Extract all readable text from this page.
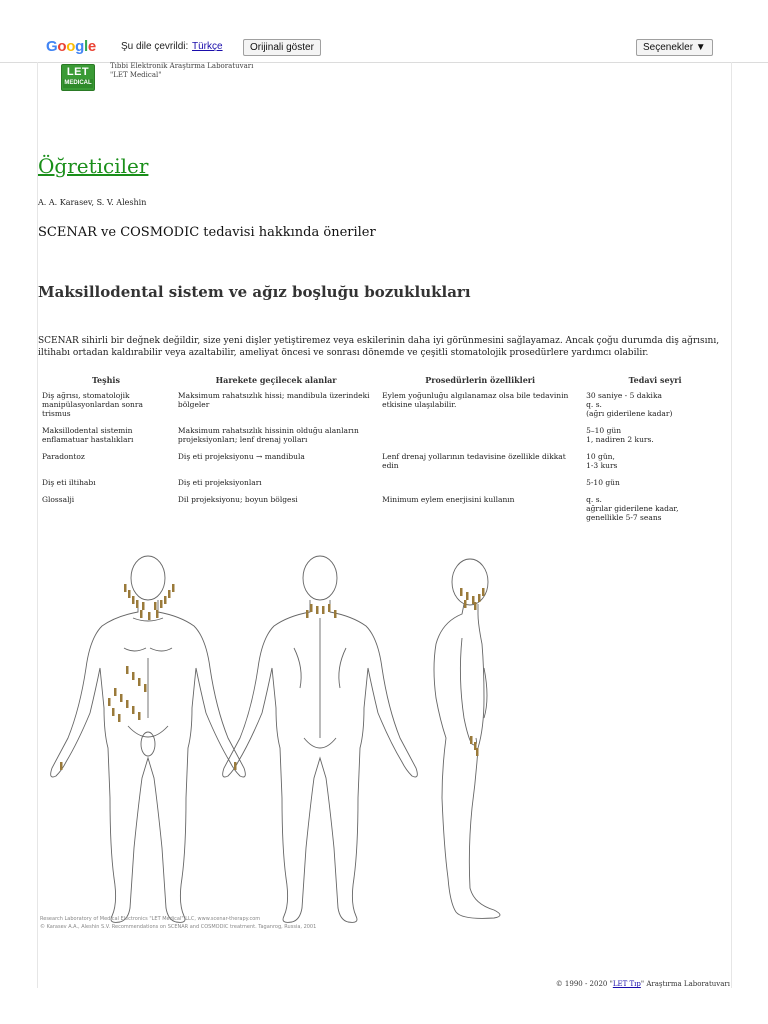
Google	Şu dile çevrildi: Türkçe	Orijinali göster	Seçenekler ▼
LET
MEDICAL
Tıbbi Elektronik Araştırma Laboratuvarı
"LET Medical"
Öğreticiler
A. A. Karasev, S. V. Aleshin
SCENAR ve COSMODIC tedavisi hakkında öneriler
Maksillodental sistem ve ağız boşluğu bozuklukları
SCENAR sihirli bir değnek değildir, size yeni dişler yetiştiremez veya eskilerinin daha iyi görünmesini sağlayamaz. Ancak çoğu durumda diş ağrısını, iltihabı ortadan kaldırabilir veya azaltabilir, ameliyat öncesi ve sonrası dönemde ve çeşitli stomatolojik prosedürlere yardımcı olabilir.
Teşhis	Harekete geçilecek alanlar	Prosedürlerin özellikleri	Tedavi seyri
Diş ağrısı, stomatolojik manipülasyonlardan sonra trismus	Maksimum rahatsızlık hissi; mandibula üzerindeki bölgeler	Eylem yoğunluğu algılanamaz olsa bile tedavinin etkisine ulaşılabilir.	30 saniye - 5 dakika
q. s.
(ağrı giderilene kadar)
Maksillodental sistemin enflamatuar hastalıkları	Maksimum rahatsızlık hissinin olduğu alanların projeksiyonları; lenf drenaj yolları		5–10 gün
1, nadiren 2 kurs.
Paradontoz	Diş eti projeksiyonu → mandibula	Lenf drenaj yollarının tedavisine özellikle dikkat edin	10 gün,
1-3 kurs
Diş eti iltihabı	Diş eti projeksiyonları		5-10 gün
Glossalji	Dil projeksiyonu; boyun bölgesi	Minimum eylem enerjisini kullanın	q. s.
ağrılar giderilene kadar,
genellikle 5-7 seans
Research Laboratory of Medical Electronics "LET Medical" LLC, www.scenar-therapy.com
© Karasev A.A., Aleshin S.V. Recommendations on SCENAR and COSMODIC treatment. Taganrog, Russia, 2001
© 1990 - 2020 "LET Tıp" Araştırma Laboratuvarı
